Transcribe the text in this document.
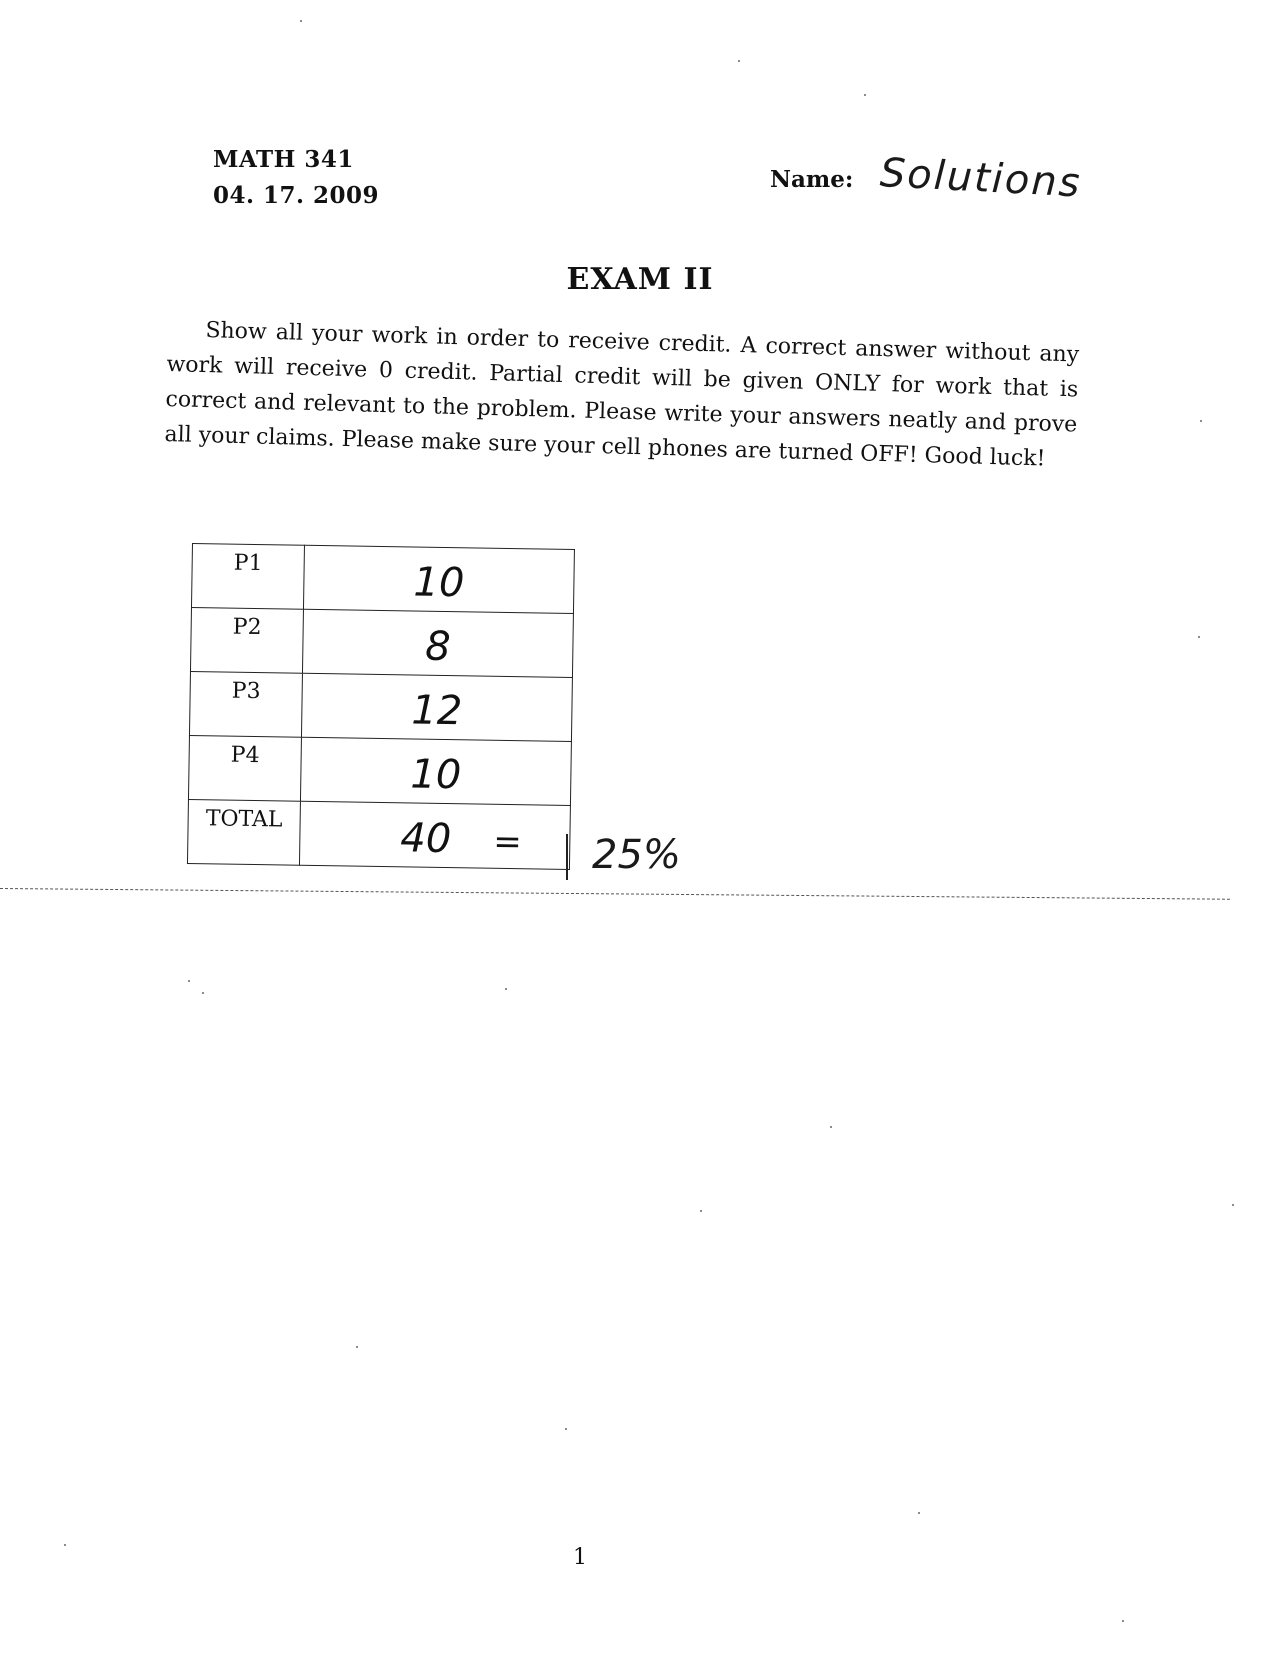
MATH 341
04. 17. 2009
Name: Solutions
EXAM II
Show all your work in order to receive credit. A correct answer without any work will receive 0 credit. Partial credit will be given ONLY for work that is correct and relevant to the problem. Please write your answers neatly and prove all your claims. Please make sure your cell phones are turned OFF! Good luck!
P1	10
P2	8
P3	12
P4	10
TOTAL	40 = 25%
1
